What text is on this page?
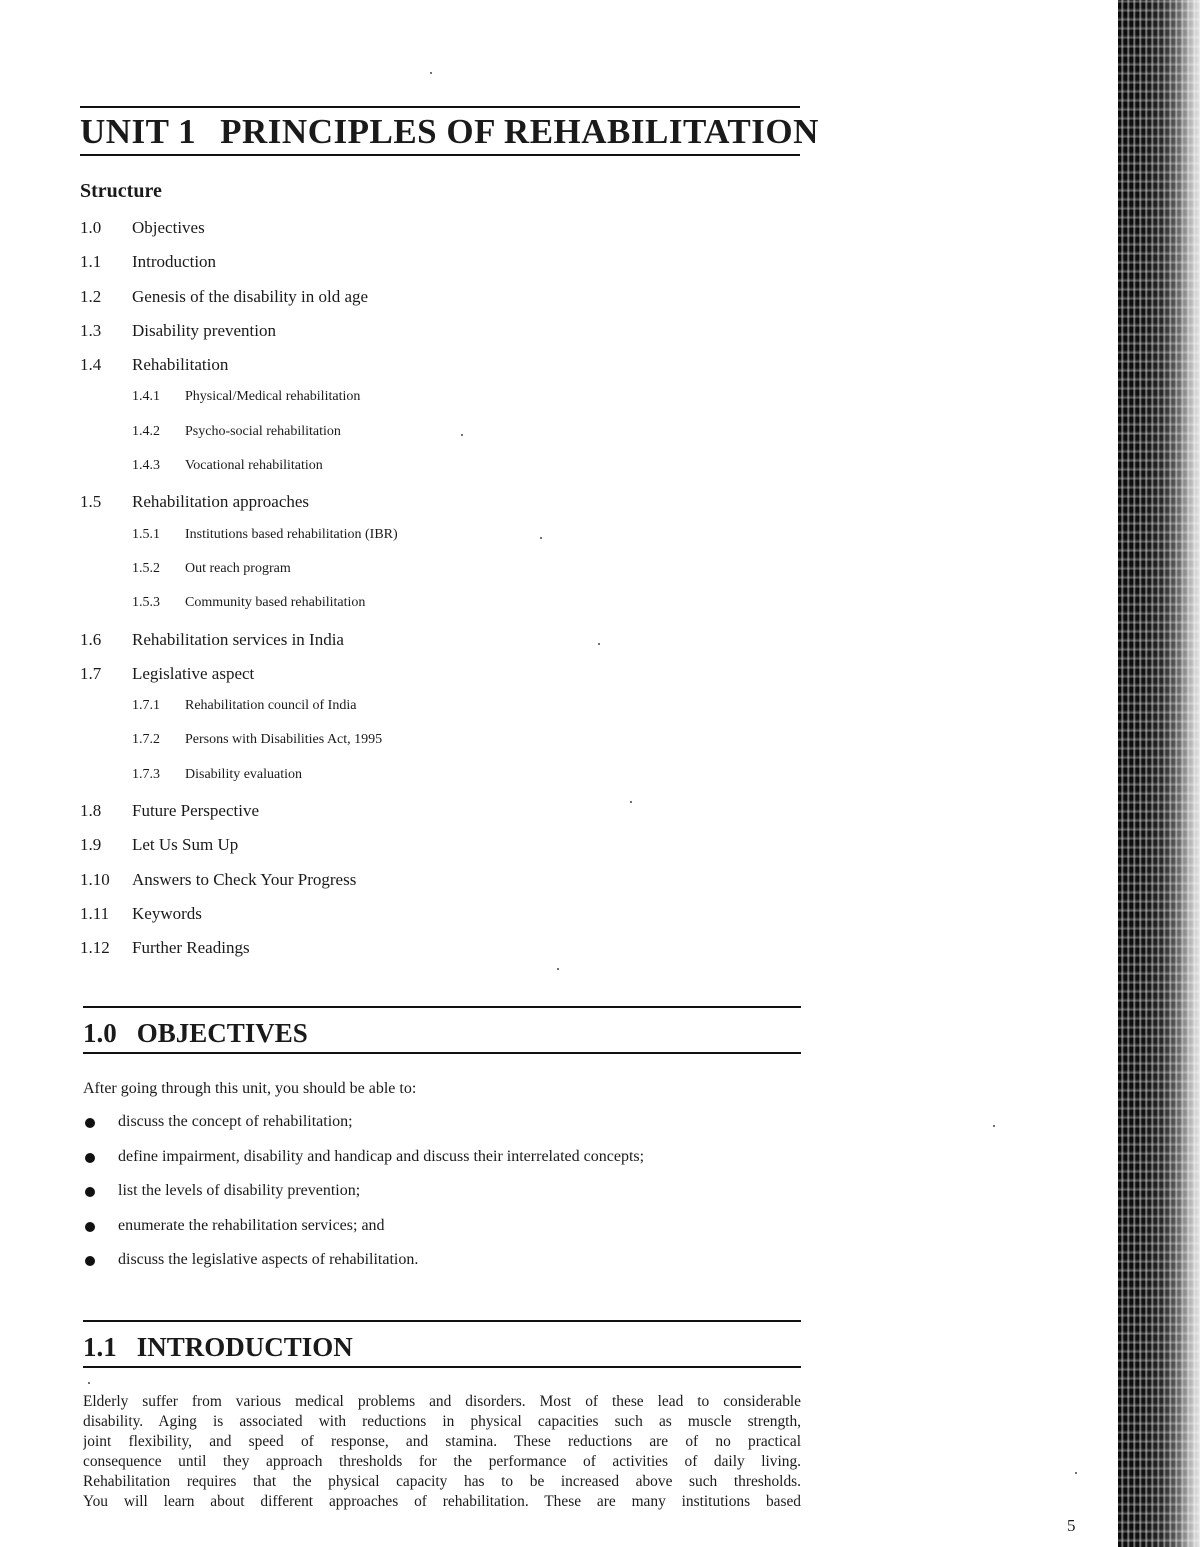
UNIT 1 PRINCIPLES OF REHABILITATION
Structure
1.0	Objectives
1.1	Introduction
1.2	Genesis of the disability in old age
1.3	Disability prevention
1.4	Rehabilitation
1.4.1	Physical/Medical rehabilitation
1.4.2	Psycho-social rehabilitation
1.4.3	Vocational rehabilitation
1.5	Rehabilitation approaches
1.5.1	Institutions based rehabilitation (IBR)
1.5.2	Out reach program
1.5.3	Community based rehabilitation
1.6	Rehabilitation services in India
1.7	Legislative aspect
1.7.1	Rehabilitation council of India
1.7.2	Persons with Disabilities Act, 1995
1.7.3	Disability evaluation
1.8	Future Perspective
1.9	Let Us Sum Up
1.10	Answers to Check Your Progress
1.11	Keywords
1.12	Further Readings
1.0 OBJECTIVES
After going through this unit, you should be able to:
discuss the concept of rehabilitation;
define impairment, disability and handicap and discuss their interrelated concepts;
list the levels of disability prevention;
enumerate the rehabilitation services; and
discuss the legislative aspects of rehabilitation.
1.1 INTRODUCTION
Elderly suffer from various medical problems and disorders. Most of these lead to considerable
disability. Aging is associated with reductions in physical capacities such as muscle strength,
joint flexibility, and speed of response, and stamina. These reductions are of no practical
consequence until they approach thresholds for the performance of activities of daily living.
Rehabilitation requires that the physical capacity has to be increased above such thresholds.
You will learn about different approaches of rehabilitation. These are many institutions based
5
